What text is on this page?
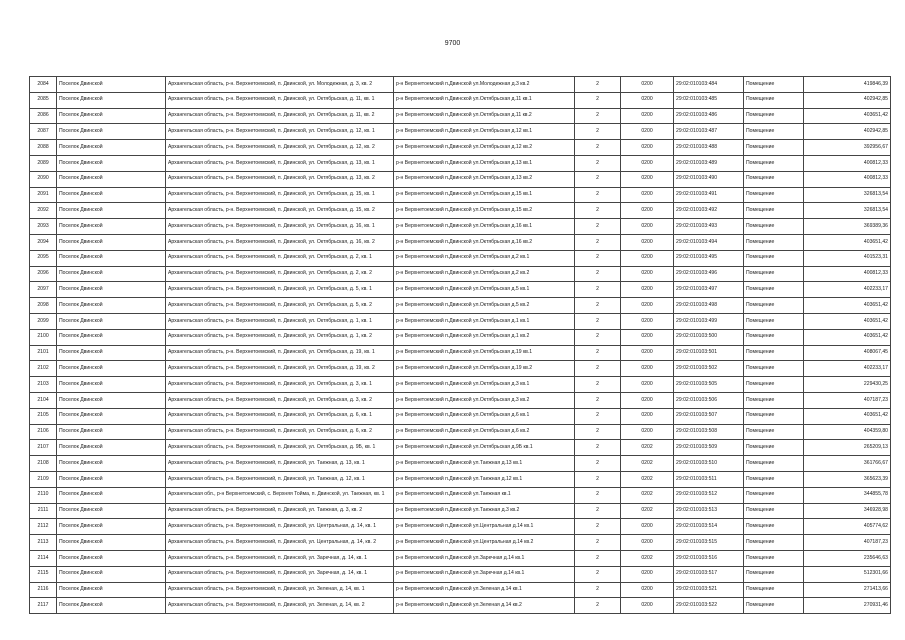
9700
2084	Поселок Двинской	Архангельская область, р-н. Верхнетоемский, п. Двинской, ул. Молодежная, д. 3, кв. 2	р-н Верхнетоемский п.Двинской ул.Молодежная д.3 кв.2	2	0200	29:02:010103:484	Помещение	419846,39
2085	Поселок Двинской	Архангельская область, р-н. Верхнетоемский, п. Двинской, ул. Октябрьская, д. 11, кв. 1	р-н Верхнетоемский п.Двинской ул.Октябрьская д.11 кв.1	2	0200	29:02:010103:485	Помещение	402942,85
2086	Поселок Двинской	Архангельская область, р-н. Верхнетоемский, п. Двинской, ул. Октябрьская, д. 11, кв. 2	р-н Верхнетоемский п.Двинской ул.Октябрьская д.11 кв.2	2	0200	29:02:010103:486	Помещение	403651,42
2087	Поселок Двинской	Архангельская область, р-н. Верхнетоемский, п. Двинской, ул. Октябрьская, д. 12, кв. 1	р-н Верхнетоемский п.Двинской ул.Октябрьская д.12 кв.1	2	0200	29:02:010103:487	Помещение	402942,85
2088	Поселок Двинской	Архангельская область, р-н. Верхнетоемский, п. Двинской, ул. Октябрьская, д. 12, кв. 2	р-н Верхнетоемский п.Двинской ул.Октябрьская д.12 кв.2	2	0200	29:02:010103:488	Помещение	392956,67
2089	Поселок Двинской	Архангельская область, р-н. Верхнетоемский, п. Двинской, ул. Октябрьская, д. 13, кв. 1	р-н Верхнетоемский п.Двинской ул.Октябрьская д.13 кв.1	2	0200	29:02:010103:489	Помещение	400812,33
2090	Поселок Двинской	Архангельская область, р-н. Верхнетоемский, п. Двинской, ул. Октябрьская, д. 13, кв. 2	р-н Верхнетоемский п.Двинской ул.Октябрьская д.13 кв.2	2	0200	29:02:010103:490	Помещение	400812,33
2091	Поселок Двинской	Архангельская область, р-н. Верхнетоемский, п. Двинской, ул. Октябрьская, д. 15, кв. 1	р-н Верхнетоемский п.Двинской ул.Октябрьская д.15 кв.1	2	0200	29:02:010103:491	Помещение	326813,54
2092	Поселок Двинской	Архангельская область, р-н. Верхнетоемский, п. Двинской, ул. Октябрьская, д. 15, кв. 2	р-н Верхнетоемский п.Двинской ул.Октябрьская д.15 кв.2	2	0200	29:02:010103:492	Помещение	326813,54
2093	Поселок Двинской	Архангельская область, р-н. Верхнетоемский, п. Двинской, ул. Октябрьская, д. 16, кв. 1	р-н Верхнетоемский п.Двинской ул.Октябрьская д.16 кв.1	2	0200	29:02:010103:493	Помещение	369389,36
2094	Поселок Двинской	Архангельская область, р-н. Верхнетоемский, п. Двинской, ул. Октябрьская, д. 16, кв. 2	р-н Верхнетоемский п.Двинской ул.Октябрьская д.16 кв.2	2	0200	29:02:010103:494	Помещение	403651,42
2095	Поселок Двинской	Архангельская область, р-н. Верхнетоемский, п. Двинской, ул. Октябрьская, д. 2, кв. 1	р-н Верхнетоемский п.Двинской ул.Октябрьская д.2 кв.1	2	0200	29:02:010103:495	Помещение	401523,31
2096	Поселок Двинской	Архангельская область, р-н. Верхнетоемский, п. Двинской, ул. Октябрьская, д. 2, кв. 2	р-н Верхнетоемский п.Двинской ул.Октябрьская д.2 кв.2	2	0200	29:02:010103:496	Помещение	400812,33
2097	Поселок Двинской	Архангельская область, р-н. Верхнетоемский, п. Двинской, ул. Октябрьская, д. 5, кв. 1	р-н Верхнетоемский п.Двинской ул.Октябрьская д.5 кв.1	2	0200	29:02:010103:497	Помещение	402233,17
2098	Поселок Двинской	Архангельская область, р-н. Верхнетоемский, п. Двинской, ул. Октябрьская, д. 5, кв. 2	р-н Верхнетоемский п.Двинской ул.Октябрьская д.5 кв.2	2	0200	29:02:010103:498	Помещение	403651,42
2099	Поселок Двинской	Архангельская область, р-н. Верхнетоемский, п. Двинской, ул. Октябрьская, д. 1, кв. 1	р-н Верхнетоемский п.Двинской ул.Октябрьская д.1 кв.1	2	0200	29:02:010103:499	Помещение	403651,42
2100	Поселок Двинской	Архангельская область, р-н. Верхнетоемский, п. Двинской, ул. Октябрьская, д. 1, кв. 2	р-н Верхнетоемский п.Двинской ул.Октябрьская д.1 кв.2	2	0200	29:02:010103:500	Помещение	403651,42
2101	Поселок Двинской	Архангельская область, р-н. Верхнетоемский, п. Двинской, ул. Октябрьская, д. 19, кв. 1	р-н Верхнетоемский п.Двинской ул.Октябрьская д.19 кв.1	2	0200	29:02:010103:501	Помещение	408067,45
2102	Поселок Двинской	Архангельская область, р-н. Верхнетоемский, п. Двинской, ул. Октябрьская, д. 19, кв. 2	р-н Верхнетоемский п.Двинской ул.Октябрьская д.19 кв.2	2	0200	29:02:010103:502	Помещение	402233,17
2103	Поселок Двинской	Архангельская область, р-н. Верхнетоемский, п. Двинской, ул. Октябрьская, д. 3, кв. 1	р-н Верхнетоемский п.Двинской ул.Октябрьская д.3 кв.1	2	0200	29:02:010103:505	Помещение	229430,25
2104	Поселок Двинской	Архангельская область, р-н. Верхнетоемский, п. Двинской, ул. Октябрьская, д. 3, кв. 2	р-н Верхнетоемский п.Двинской ул.Октябрьская д.3 кв.2	2	0200	29:02:010103:506	Помещение	407187,23
2105	Поселок Двинской	Архангельская область, р-н. Верхнетоемский, п. Двинской, ул. Октябрьская, д. 6, кв. 1	р-н Верхнетоемский п.Двинской ул.Октябрьская д.6 кв.1	2	0200	29:02:010103:507	Помещение	403651,42
2106	Поселок Двинской	Архангельская область, р-н. Верхнетоемский, п. Двинской, ул. Октябрьская, д. 6, кв. 2	р-н Верхнетоемский п.Двинской ул.Октябрьская д.6 кв.2	2	0200	29:02:010103:508	Помещение	404359,80
2107	Поселок Двинской	Архангельская область, р-н. Верхнетоемский, п. Двинской, ул. Октябрьская, д. 9Б, кв. 1	р-н Верхнетоемский п.Двинской ул.Октябрьская д.9Б кв.1	2	0202	29:02:010103:509	Помещение	265209,13
2108	Поселок Двинской	Архангельская область, р-н. Верхнетоемский, п. Двинской, ул. Таежная, д. 13, кв. 1	р-н Верхнетоемский п.Двинской ул.Таежная д.13 кв.1	2	0202	29:02:010103:510	Помещение	361766,67
2109	Поселок Двинской	Архангельская область, р-н. Верхнетоемский, п. Двинской, ул. Таежная, д. 12, кв. 1	р-н Верхнетоемский п.Двинской ул.Таежная д.12 кв.1	2	0202	29:02:010103:511	Помещение	365623,39
2110	Поселок Двинской	Архангельская обл., р-н Верхнетоемский, с. Верхняя Тойма, п. Двинской, ул. Таежная, кв. 1	р-н Верхнетоемский п.Двинской ул.Таежная кв.1	2	0202	29:02:010103:512	Помещение	344855,78
2111	Поселок Двинской	Архангельская область, р-н. Верхнетоемский, п. Двинской, ул. Таежная, д. 3, кв. 2	р-н Верхнетоемский п.Двинской ул.Таежная д.3 кв.2	2	0202	29:02:010103:513	Помещение	346928,98
2112	Поселок Двинской	Архангельская область, р-н. Верхнетоемский, п. Двинской, ул. Центральная, д. 14, кв. 1	р-н Верхнетоемский п.Двинской ул.Центральная д.14 кв.1	2	0200	29:02:010103:514	Помещение	405774,62
2113	Поселок Двинской	Архангельская область, р-н. Верхнетоемский, п. Двинской, ул. Центральная, д. 14, кв. 2	р-н Верхнетоемский п.Двинской ул.Центральная д.14 кв.2	2	0200	29:02:010103:515	Помещение	407187,23
2114	Поселок Двинской	Архангельская область, р-н. Верхнетоемский, п. Двинской, ул. Заречная, д. 14, кв. 1	р-н Верхнетоемский п.Двинской ул.Заречная д.14 кв.1	2	0202	29:02:010103:516	Помещение	235646,63
2115	Поселок Двинской	Архангельская область, р-н. Верхнетоемский, п. Двинской, ул. Заречная, д. 14, кв. 1	р-н Верхнетоемский п.Двинской ул.Заречная д.14 кв.1	2	0200	29:02:010103:517	Помещение	512301,66
2116	Поселок Двинской	Архангельская область, р-н. Верхнетоемский, п. Двинской, ул. Зеленая, д. 14, кв. 1	р-н Верхнетоемский п.Двинской ул.Зеленая д.14 кв.1	2	0200	29:02:010103:521	Помещение	271413,66
2117	Поселок Двинской	Архангельская область, р-н. Верхнетоемский, п. Двинской, ул. Зеленая, д. 14, кв. 2	р-н Верхнетоемский п.Двинской ул.Зеленая д.14 кв.2	2	0200	29:02:010103:522	Помещение	270931,46
